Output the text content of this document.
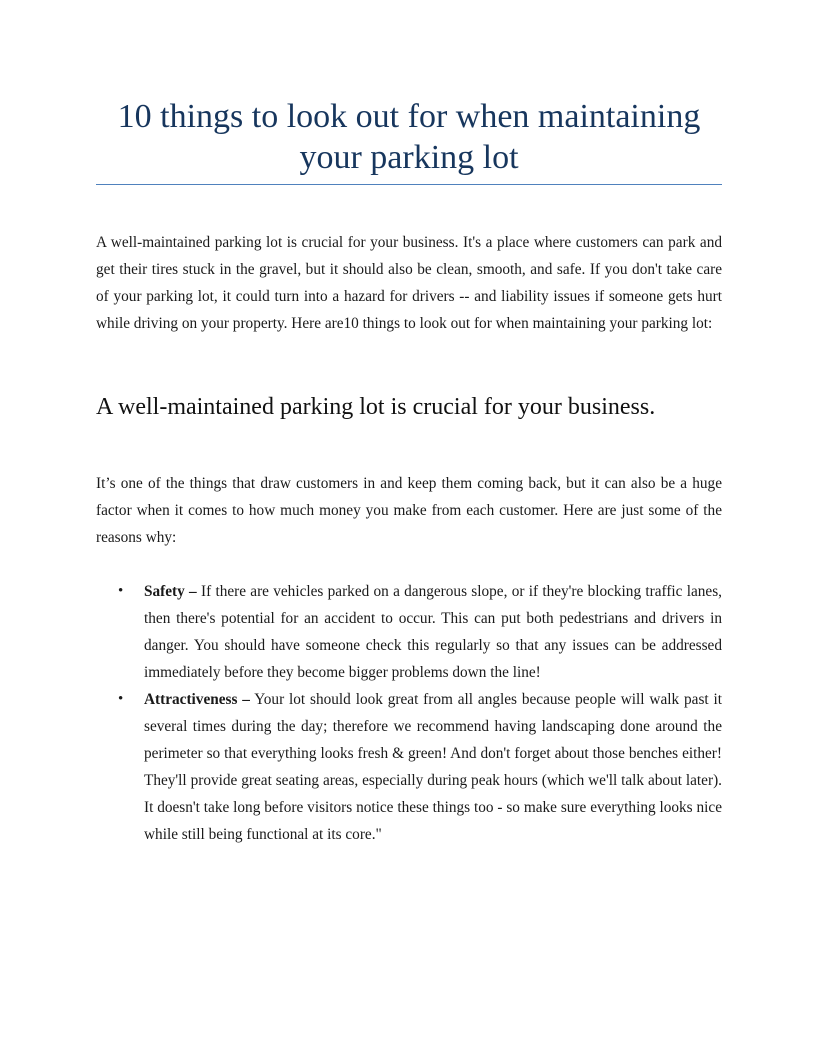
10 things to look out for when maintaining your parking lot

A well-maintained parking lot is crucial for your business. It's a place where customers can park and get their tires stuck in the gravel, but it should also be clean, smooth, and safe. If you don't take care of your parking lot, it could turn into a hazard for drivers -- and liability issues if someone gets hurt while driving on your property. Here are10 things to look out for when maintaining your parking lot:

A well-maintained parking lot is crucial for your business.

It’s one of the things that draw customers in and keep them coming back, but it can also be a huge factor when it comes to how much money you make from each customer. Here are just some of the reasons why:

• Safety – If there are vehicles parked on a dangerous slope, or if they're blocking traffic lanes, then there's potential for an accident to occur. This can put both pedestrians and drivers in danger. You should have someone check this regularly so that any issues can be addressed immediately before they become bigger problems down the line!
• Attractiveness – Your lot should look great from all angles because people will walk past it several times during the day; therefore we recommend having landscaping done around the perimeter so that everything looks fresh & green! And don't forget about those benches either! They'll provide great seating areas, especially during peak hours (which we'll talk about later). It doesn't take long before visitors notice these things too - so make sure everything looks nice while still being functional at its core."
